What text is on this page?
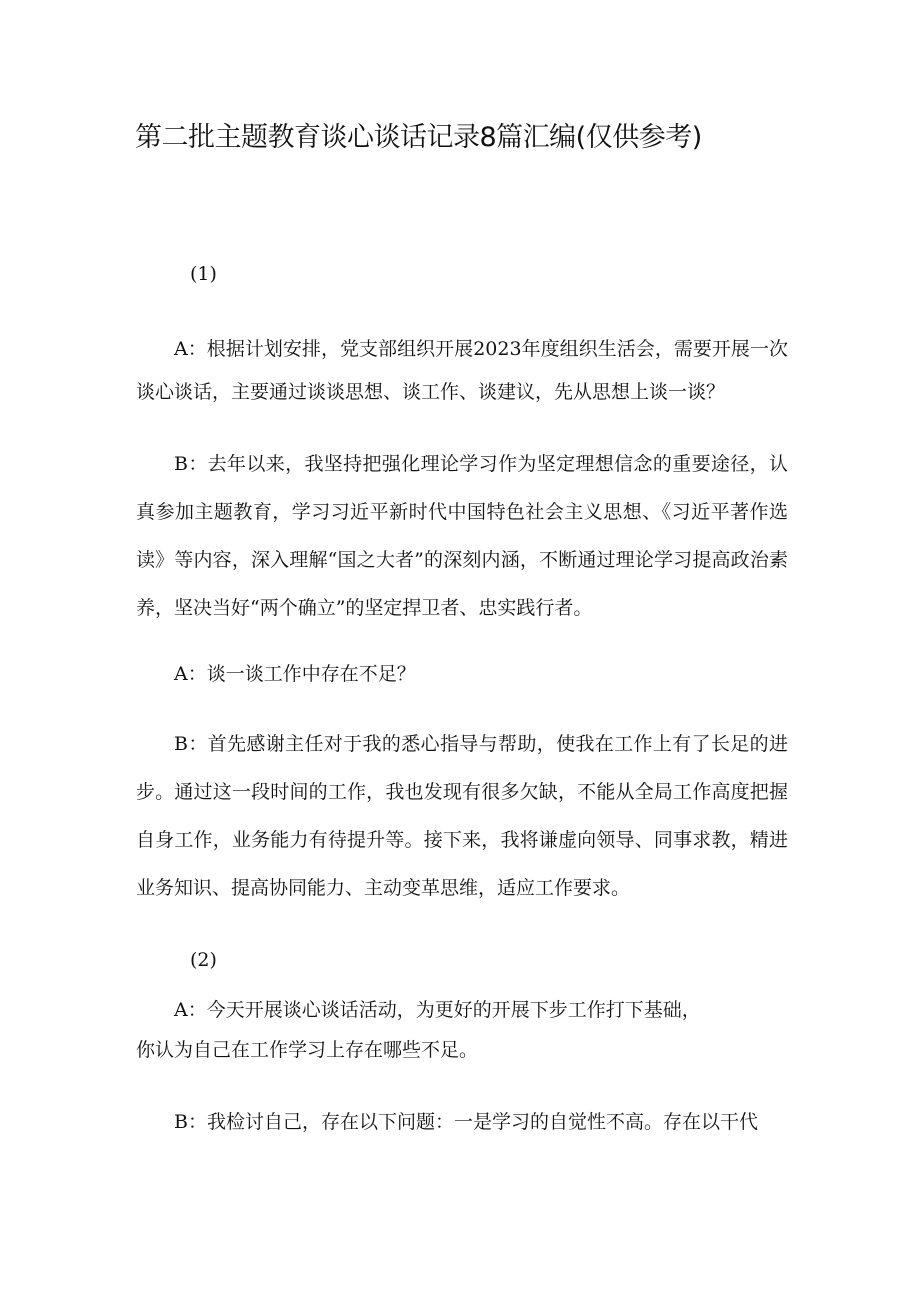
第二批主题教育谈心谈话记录8篇汇编(仅供参考)
(1)
A：根据计划安排，党支部组织开展2023年度组织生活会，需要开展一次谈心谈话，主要通过谈谈思想、谈工作、谈建议，先从思想上谈一谈？
B：去年以来，我坚持把强化理论学习作为坚定理想信念的重要途径，认真参加主题教育，学习习近平新时代中国特色社会主义思想、《习近平著作选读》等内容，深入理解“国之大者”的深刻内涵，不断通过理论学习提高政治素养，坚决当好“两个确立”的坚定捍卫者、忠实践行者。
A：谈一谈工作中存在不足？
B：首先感谢主任对于我的悉心指导与帮助，使我在工作上有了长足的进步。通过这一段时间的工作，我也发现有很多欠缺，不能从全局工作高度把握自身工作，业务能力有待提升等。接下来，我将谦虚向领导、同事求教，精进业务知识、提高协同能力、主动变革思维，适应工作要求。
(2)
A：今天开展谈心谈话活动，为更好的开展下步工作打下基础，
你认为自己在工作学习上存在哪些不足。
B：我检讨自己，存在以下问题：一是学习的自觉性不高。存在以干代
